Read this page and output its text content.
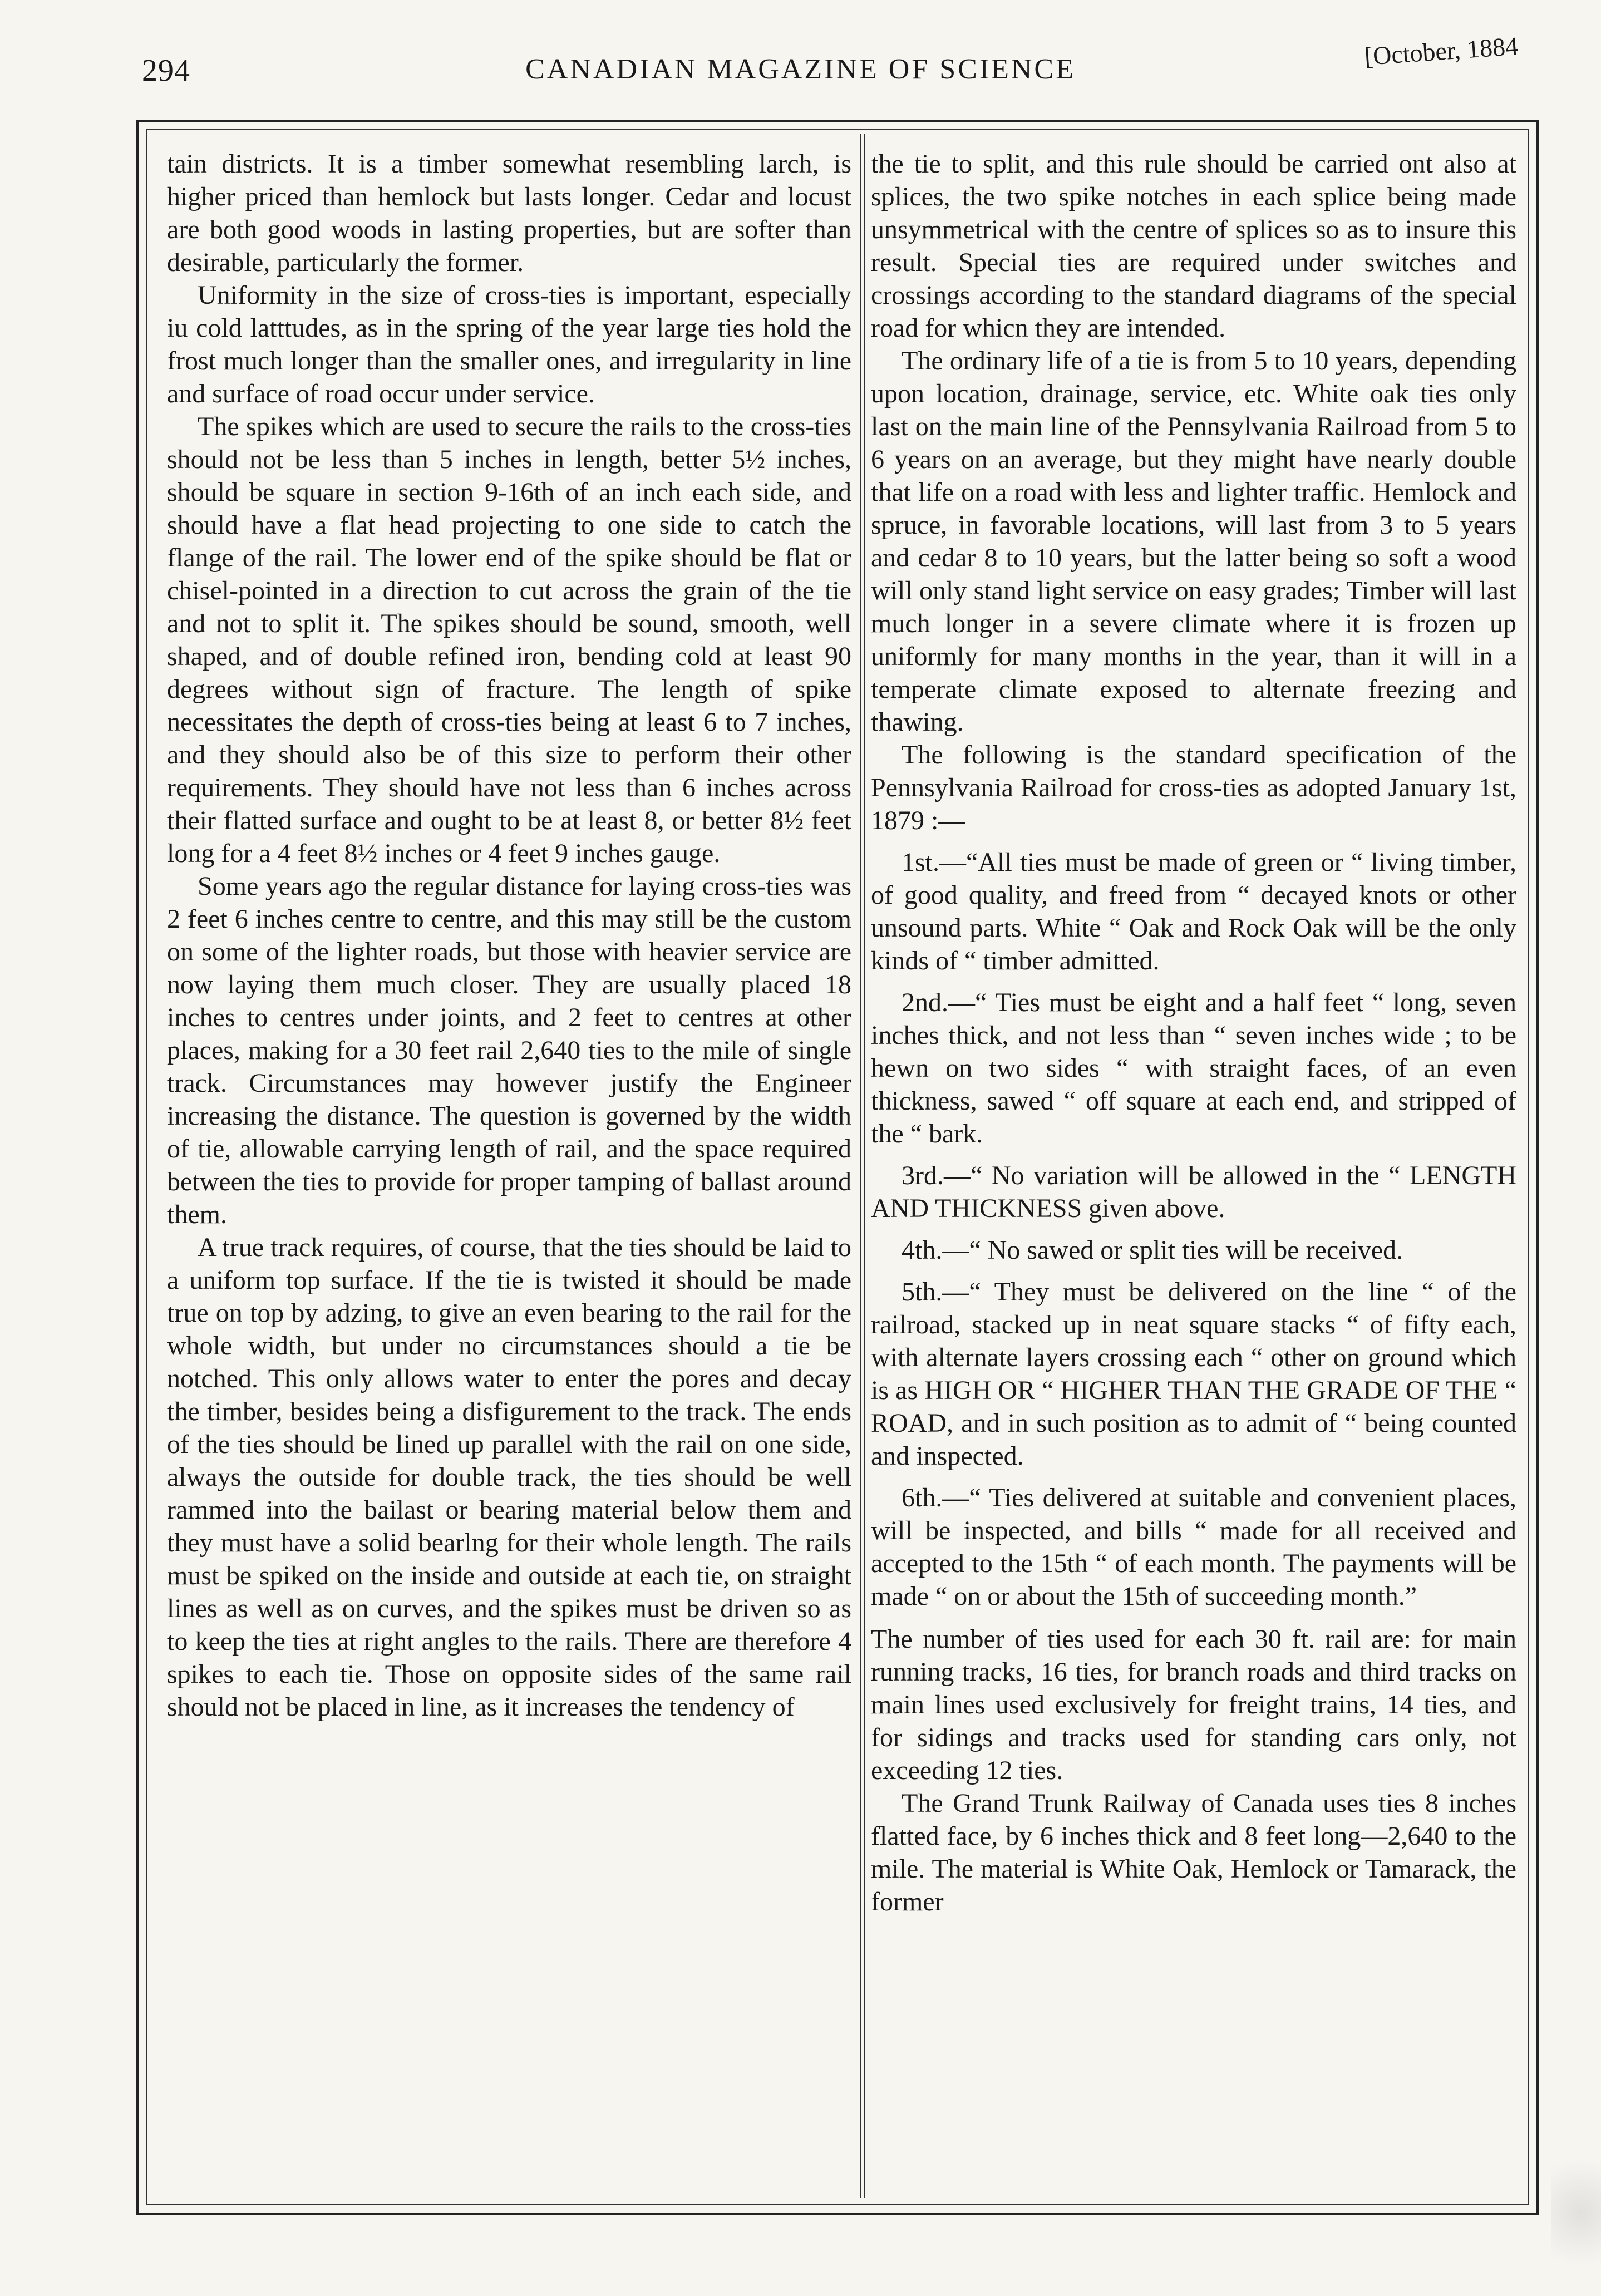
294	CANADIAN MAGAZINE OF SCIENCE	[October, 1884

tain districts. It is a timber somewhat resembling larch, is higher priced than hemlock but lasts longer. Cedar and locust are both good woods in lasting properties, but are softer than desirable, particularly the former.

Uniformity in the size of cross-ties is important, especially iu cold latttudes, as in the spring of the year large ties hold the frost much longer than the smaller ones, and irregularity in line and surface of road occur under service.

The spikes which are used to secure the rails to the cross-ties should not be less than 5 inches in length, better 5½ inches, should be square in section 9-16th of an inch each side, and should have a flat head projecting to one side to catch the flange of the rail. The lower end of the spike should be flat or chisel-pointed in a direction to cut across the grain of the tie and not to split it. The spikes should be sound, smooth, well shaped, and of double refined iron, bending cold at least 90 degrees without sign of fracture. The length of spike necessitates the depth of cross-ties being at least 6 to 7 inches, and they should also be of this size to perform their other requirements. They should have not less than 6 inches across their flatted surface and ought to be at least 8, or better 8½ feet long for a 4 feet 8½ inches or 4 feet 9 inches gauge.

Some years ago the regular distance for laying cross-ties was 2 feet 6 inches centre to centre, and this may still be the custom on some of the lighter roads, but those with heavier service are now laying them much closer. They are usually placed 18 inches to centres under joints, and 2 feet to centres at other places, making for a 30 feet rail 2,640 ties to the mile of single track. Circumstances may however justify the Engineer increasing the distance. The question is governed by the width of tie, allowable carrying length of rail, and the space required between the ties to provide for proper tamping of ballast around them.

A true track requires, of course, that the ties should be laid to a uniform top surface. If the tie is twisted it should be made true on top by adzing, to give an even bearing to the rail for the whole width, but under no circumstances should a tie be notched. This only allows water to enter the pores and decay the timber, besides being a disfigurement to the track. The ends of the ties should be lined up parallel with the rail on one side, always the outside for double track, the ties should be well rammed into the bailast or bearing material below them and they must have a solid bearlng for their whole length. The rails must be spiked on the inside and outside at each tie, on straight lines as well as on curves, and the spikes must be driven so as to keep the ties at right angles to the rails. There are therefore 4 spikes to each tie. Those on opposite sides of the same rail should not be placed in line, as it increases the tendency of

the tie to split, and this rule should be carried ont also at splices, the two spike notches in each splice being made unsymmetrical with the centre of splices so as to insure this result. Special ties are required under switches and crossings according to the standard diagrams of the special road for whicn they are intended.

The ordinary life of a tie is from 5 to 10 years, depending upon location, drainage, service, etc. White oak ties only last on the main line of the Pennsylvania Railroad from 5 to 6 years on an average, but they might have nearly double that life on a road with less and lighter traffic. Hemlock and spruce, in favorable locations, will last from 3 to 5 years and cedar 8 to 10 years, but the latter being so soft a wood will only stand light service on easy grades; Timber will last much longer in a severe climate where it is frozen up uniformly for many months in the year, than it will in a temperate climate exposed to alternate freezing and thawing.

The following is the standard specification of the Pennsylvania Railroad for cross-ties as adopted January 1st, 1879 :—

1st.—“All ties must be made of green or “ living timber, of good quality, and freed from “ decayed knots or other unsound parts. White “ Oak and Rock Oak will be the only kinds of “ timber admitted.

2nd.—“ Ties must be eight and a half feet “ long, seven inches thick, and not less than “ seven inches wide ; to be hewn on two sides “ with straight faces, of an even thickness, sawed “ off square at each end, and stripped of the “ bark.

3rd.—“ No variation will be allowed in the “ LENGTH AND THICKNESS given above.

4th.—“ No sawed or split ties will be received.

5th.—“ They must be delivered on the line “ of the railroad, stacked up in neat square stacks “ of fifty each, with alternate layers crossing each “ other on ground which is as HIGH OR “ HIGHER THAN THE GRADE OF THE “ ROAD, and in such position as to admit of “ being counted and inspected.

6th.—“ Ties delivered at suitable and convenient places, will be inspected, and bills “ made for all received and accepted to the 15th “ of each month. The payments will be made “ on or about the 15th of succeeding month.”

The number of ties used for each 30 ft. rail are: for main running tracks, 16 ties, for branch roads and third tracks on main lines used exclusively for freight trains, 14 ties, and for sidings and tracks used for standing cars only, not exceeding 12 ties.

The Grand Trunk Railway of Canada uses ties 8 inches flatted face, by 6 inches thick and 8 feet long—2,640 to the mile. The material is White Oak, Hemlock or Tamarack, the former
